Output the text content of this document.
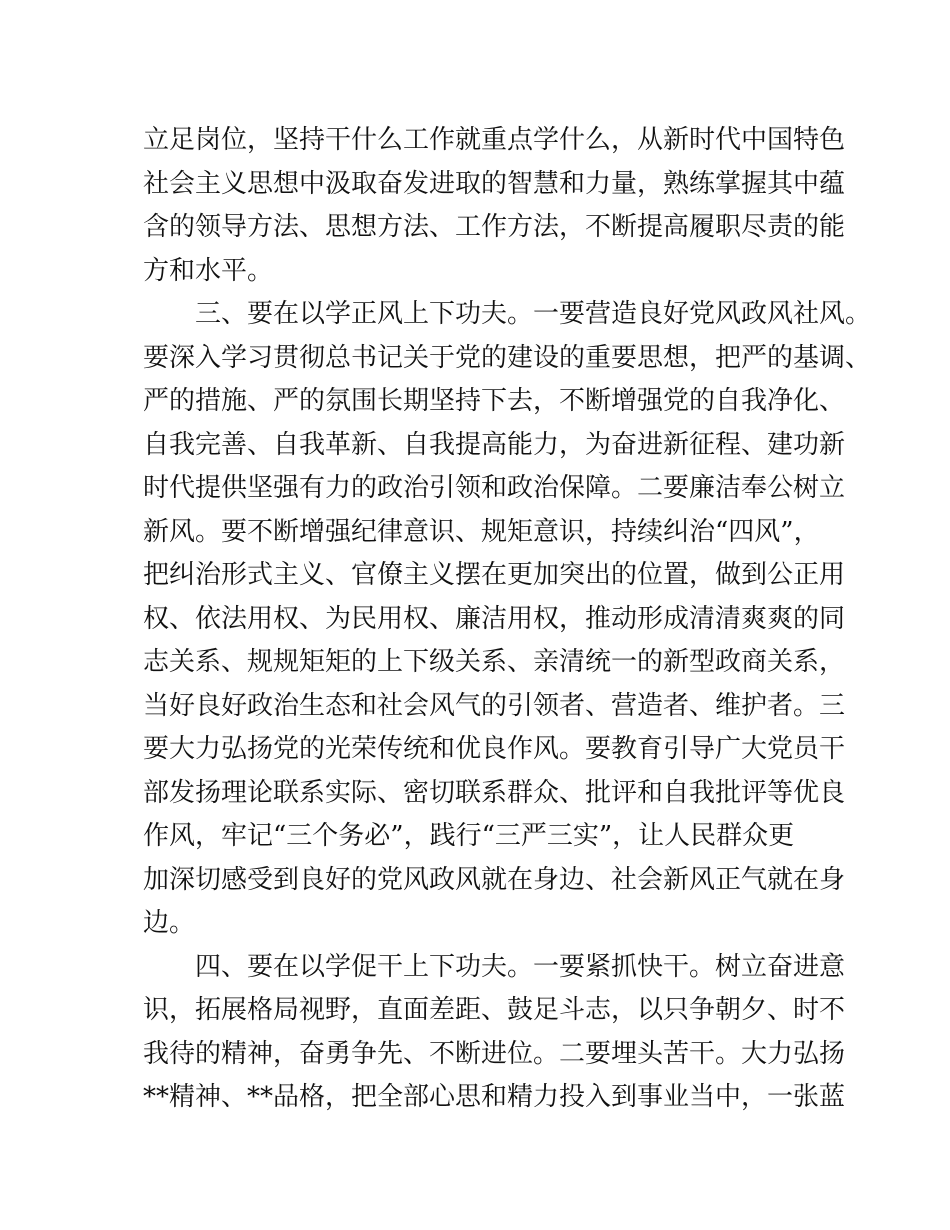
立足岗位，坚持干什么工作就重点学什么，从新时代中国特色
社会主义思想中汲取奋发进取的智慧和力量，熟练掌握其中蕴
含的领导方法、思想方法、工作方法，不断提高履职尽责的能
方和水平。
三、要在以学正风上下功夫。一要营造良好党风政风社风。
要深入学习贯彻总书记关于党的建设的重要思想，把严的基调、
严的措施、严的氛围长期坚持下去，不断增强党的自我净化、
自我完善、自我革新、自我提高能力，为奋进新征程、建功新
时代提供坚强有力的政治引领和政治保障。二要廉洁奉公树立
新风。要不断增强纪律意识、规矩意识，持续纠治“四风”，
把纠治形式主义、官僚主义摆在更加突出的位置，做到公正用
权、依法用权、为民用权、廉洁用权，推动形成清清爽爽的同
志关系、规规矩矩的上下级关系、亲清统一的新型政商关系，
当好良好政治生态和社会风气的引领者、营造者、维护者。三
要大力弘扬党的光荣传统和优良作风。要教育引导广大党员干
部发扬理论联系实际、密切联系群众、批评和自我批评等优良
作风，牢记“三个务必”，践行“三严三实”，让人民群众更
加深切感受到良好的党风政风就在身边、社会新风正气就在身
边。
四、要在以学促干上下功夫。一要紧抓快干。树立奋进意
识，拓展格局视野，直面差距、鼓足斗志，以只争朝夕、时不
我待的精神，奋勇争先、不断进位。二要埋头苦干。大力弘扬
**精神、**品格，把全部心思和精力投入到事业当中，一张蓝
